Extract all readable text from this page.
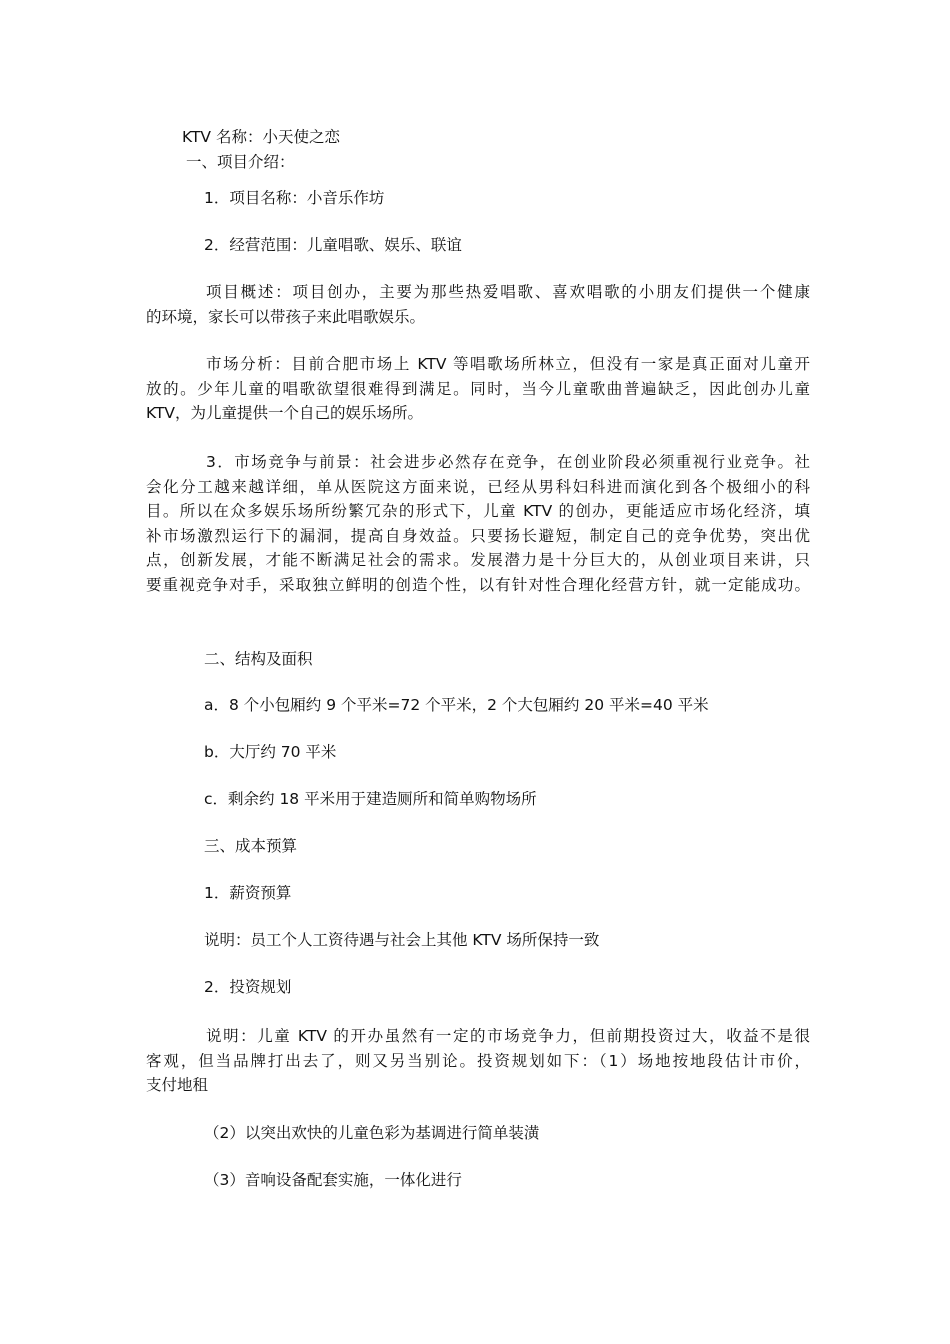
KTV 名称：小天使之恋
一、项目介绍：
1．项目名称：小音乐作坊
2．经营范围：儿童唱歌、娱乐、联谊
项目概述：项目创办，主要为那些热爱唱歌、喜欢唱歌的小朋友们提供一个健康
的环境，家长可以带孩子来此唱歌娱乐。
市场分析：目前合肥市场上 KTV 等唱歌场所林立，但没有一家是真正面对儿童开
放的。少年儿童的唱歌欲望很难得到满足。同时，当今儿童歌曲普遍缺乏，因此创办儿童
KTV，为儿童提供一个自己的娱乐场所。
3．市场竞争与前景：社会进步必然存在竞争，在创业阶段必须重视行业竞争。社
会化分工越来越详细，单从医院这方面来说，已经从男科妇科进而演化到各个极细小的科
目。所以在众多娱乐场所纷繁冗杂的形式下，儿童 KTV 的创办，更能适应市场化经济，填
补市场激烈运行下的漏洞，提高自身效益。只要扬长避短，制定自己的竞争优势，突出优
点，创新发展，才能不断满足社会的需求。发展潜力是十分巨大的，从创业项目来讲，只
要重视竞争对手，采取独立鲜明的创造个性，以有针对性合理化经营方针，就一定能成功。
二、结构及面积
a．8 个小包厢约 9 个平米=72 个平米，2 个大包厢约 20 平米=40 平米
b．大厅约 70 平米
c．剩余约 18 平米用于建造厕所和简单购物场所
三、成本预算
1．薪资预算
说明：员工个人工资待遇与社会上其他 KTV 场所保持一致
2．投资规划
说明：儿童 KTV 的开办虽然有一定的市场竞争力，但前期投资过大，收益不是很
客观，但当品牌打出去了，则又另当别论。投资规划如下：（1）场地按地段估计市价，
支付地租
（2）以突出欢快的儿童色彩为基调进行简单装潢
（3）音响设备配套实施，一体化进行
